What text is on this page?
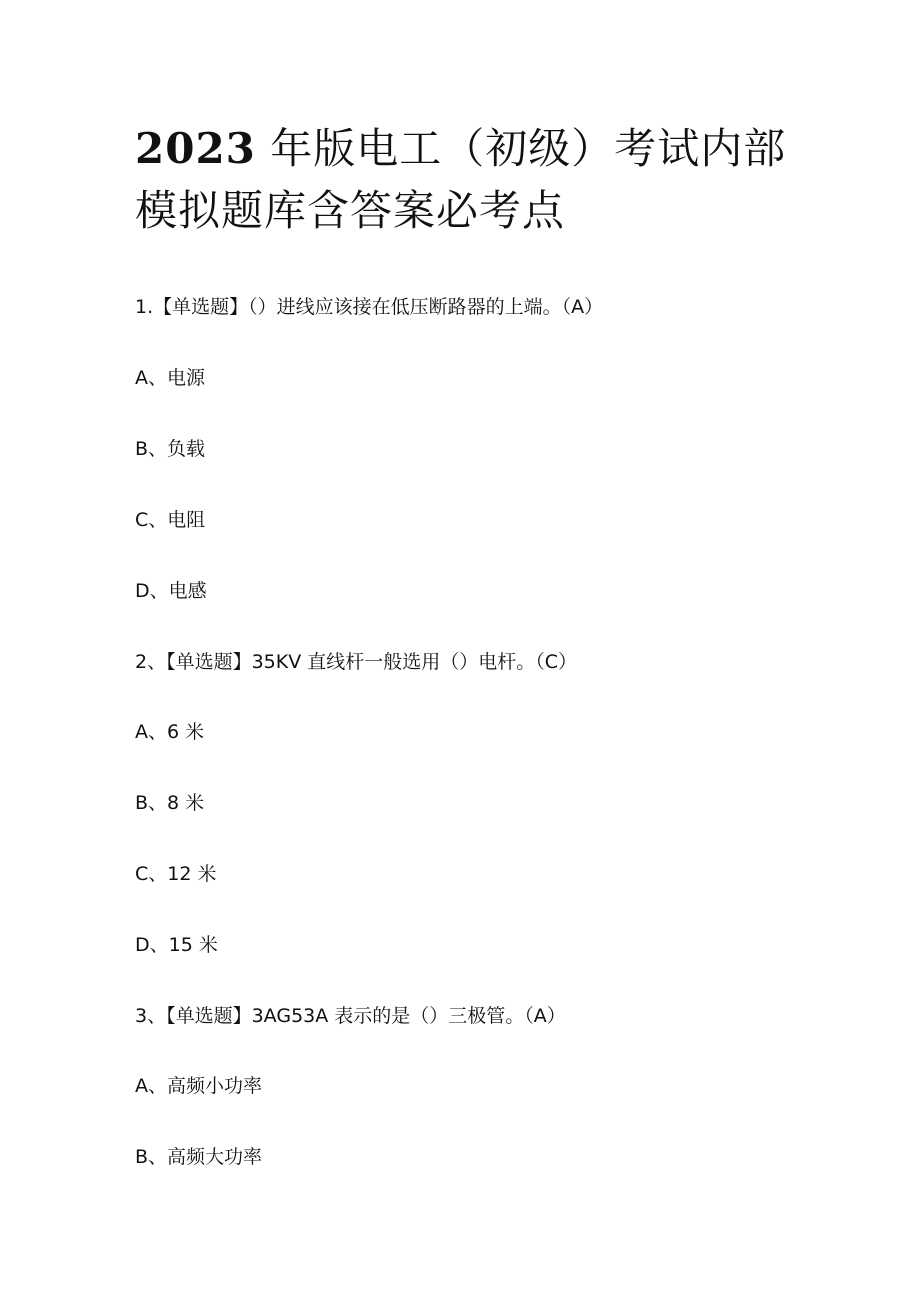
2023 年版电工（初级）考试内部模拟题库含答案必考点

1.【单选题】（）进线应该接在低压断路器的上端。（A）

A、电源

B、负载

C、电阻

D、电感

2、【单选题】35KV 直线杆一般选用（）电杆。（C）

A、6 米

B、8 米

C、12 米

D、15 米

3、【单选题】3AG53A 表示的是（）三极管。（A）

A、高频小功率

B、高频大功率
